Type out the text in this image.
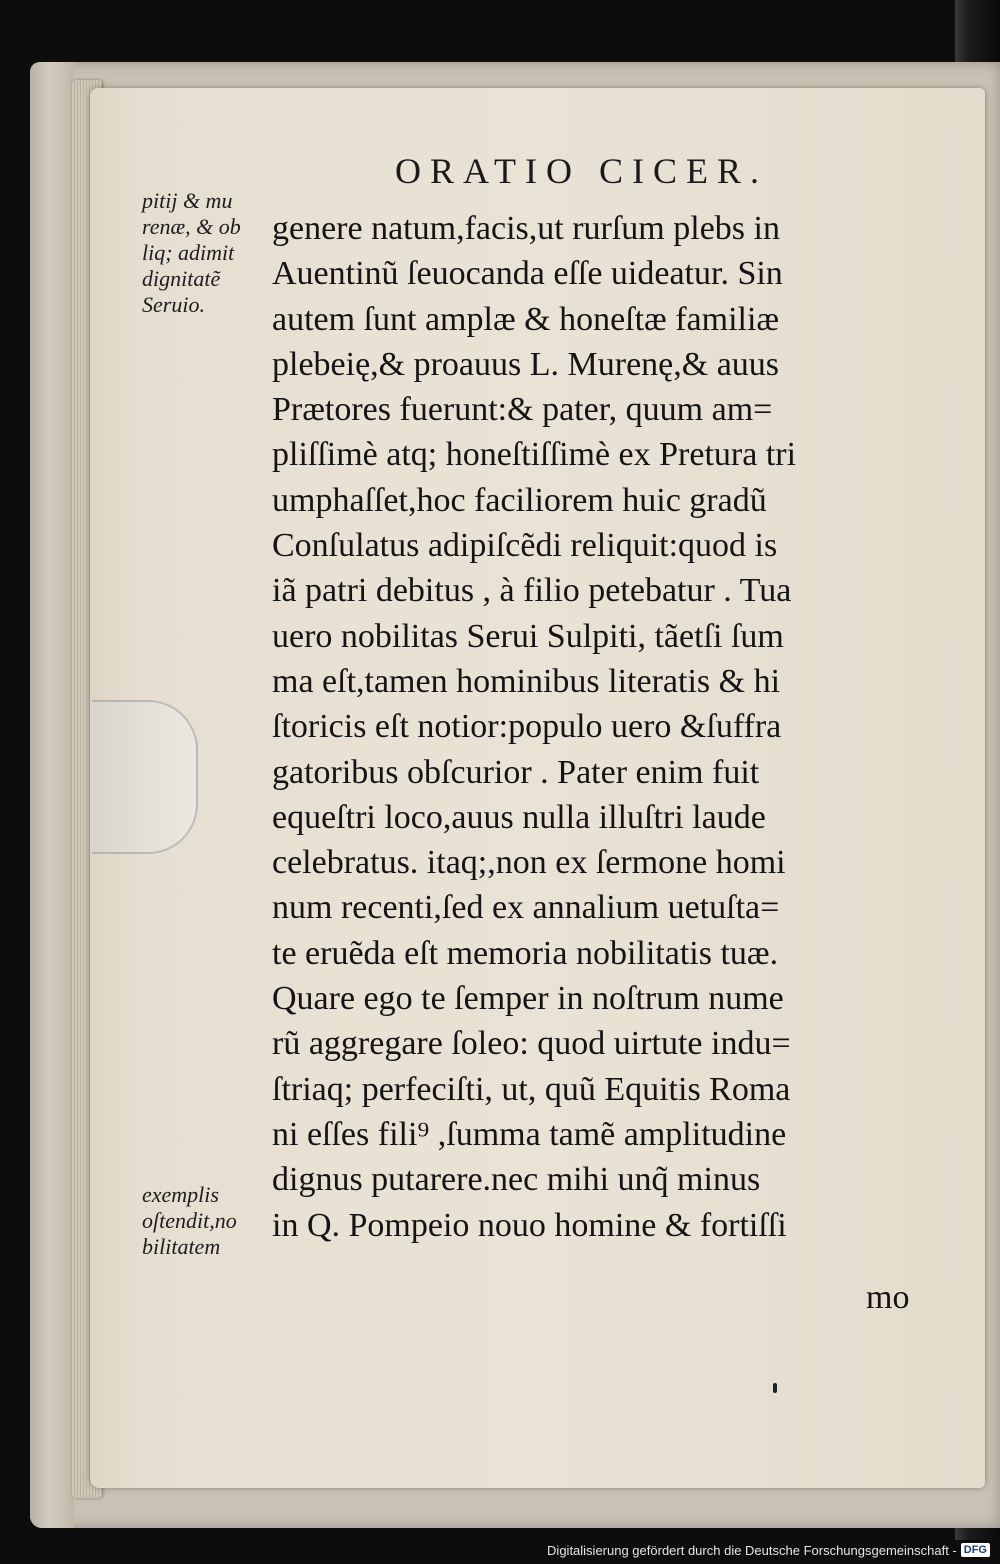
ORATIO CICER.
pitij & mu
renæ, & ob
liq; adimit
dignitatẽ
Seruio.
exemplis
oſtendit,no
bilitatem
genere natum,facis,ut rurſum plebs in
Auentinũ ſeuocanda eſſe uideatur. Sin
autem ſunt amplæ & honeſtæ familiæ
plebeię,& proauus L. Murenę,& auus
Prætores fuerunt:& pater, quum am=
pliſſimè atq; honeſtiſſimè ex Pretura tri
umphaſſet,hoc faciliorem huic gradũ
Conſulatus adipiſcẽdi reliquit:quod is
iã patri debitus , à filio petebatur . Tua
uero nobilitas Serui Sulpiti, tãetſi ſum
ma eſt,tamen hominibus literatis & hi
ſtoricis eſt notior:populo uero &ſuffra
gatoribus obſcurior . Pater enim fuit
equeſtri loco,auus nulla illuſtri laude
celebratus. itaq;,non ex ſermone homi
num recenti,ſed ex annalium uetuſta=
te eruẽda eſt memoria nobilitatis tuæ.
Quare ego te ſemper in noſtrum nume
rũ aggregare ſoleo: quod uirtute indu=
ſtriaq; perfeciſti, ut, quũ Equitis Roma
ni eſſes fili⁹ ,ſumma tamẽ amplitudine
dignus putarere.nec mihi unq̃ minus
in Q. Pompeio nouo homine & fortiſſi
mo
Digitalisierung gefördert durch die Deutsche Forschungsgemeinschaft - DFG
